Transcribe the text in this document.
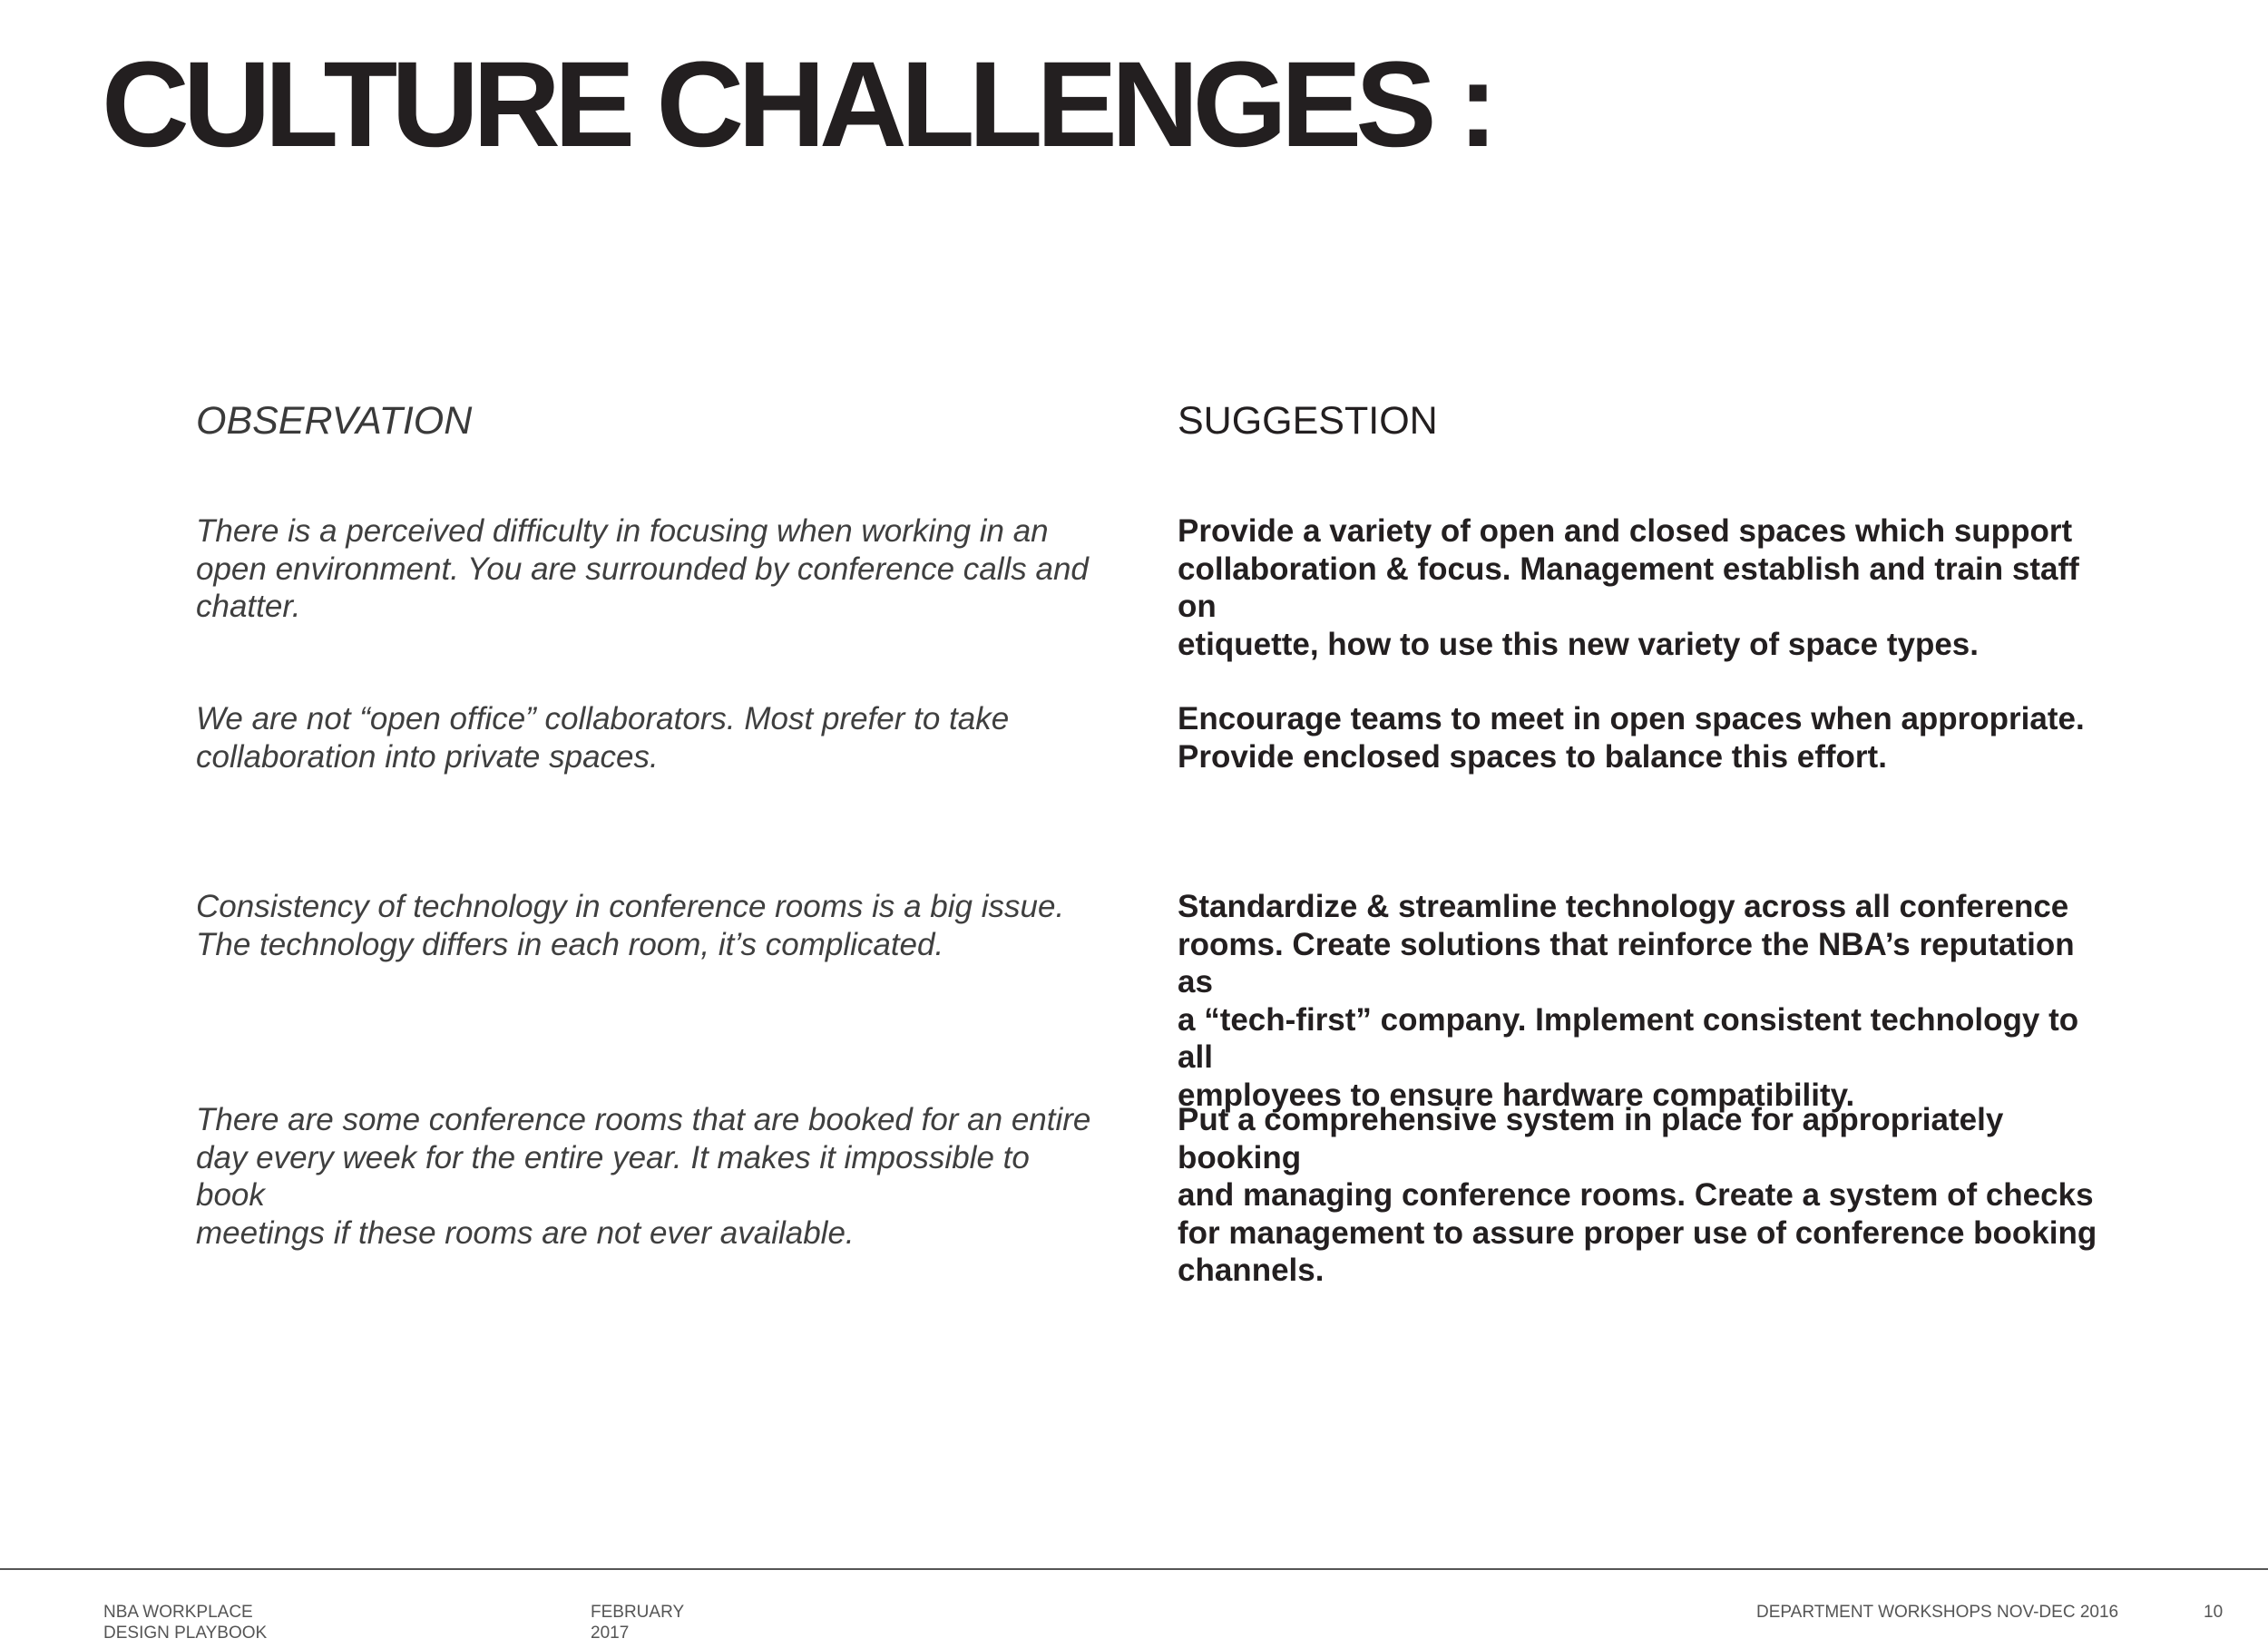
CULTURE CHALLENGES :
OBSERVATION	SUGGESTION

There is a perceived difficulty in focusing when working in an
open environment. You are surrounded by conference calls and
chatter.

Provide a variety of open and closed spaces which support
collaboration & focus. Management establish and train staff on
etiquette, how to use this new variety of space types.

We are not “open office” collaborators. Most prefer to take
collaboration into private spaces.

Encourage teams to meet in open spaces when appropriate.
Provide enclosed spaces to balance this effort.

Consistency of technology in conference rooms is a big issue.
The technology differs in each room, it’s complicated.

Standardize & streamline technology across all conference
rooms. Create solutions that reinforce the NBA’s reputation as
a “tech-first” company. Implement consistent technology to all
employees to ensure hardware compatibility.

There are some conference rooms that are booked for an entire
day every week for the entire year. It makes it impossible to book
meetings if these rooms are not ever available.

Put a comprehensive system in place for appropriately booking
and managing conference rooms. Create a system of checks
for management to assure proper use of conference booking
channels.

NBA WORKPLACE
DESIGN PLAYBOOK

FEBRUARY
2017

DEPARTMENT WORKSHOPS NOV-DEC 2016	10
